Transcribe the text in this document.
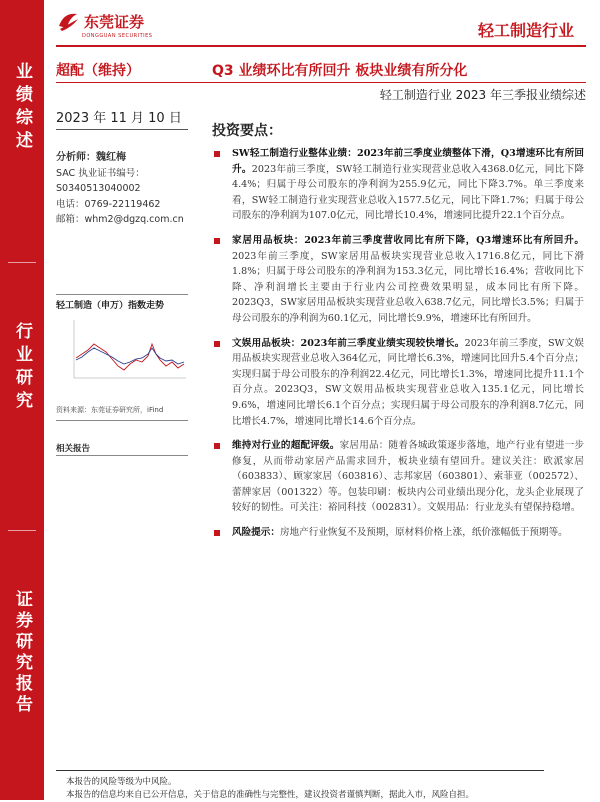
业绩综述
行业研究
证券研究报告
东莞证券
DONGGUAN SECURITIES	轻工制造行业
超配（维持）	Q3 业绩环比有所回升 板块业绩有所分化
轻工制造行业 2023 年三季报业绩综述
2023 年 11 月 10 日
分析师：魏红梅
SAC 执业证书编号：
S0340513040002
电话：0769-22119462
邮箱：whm2@dgzq.com.cn
轻工制造（申万）指数走势
资料来源：东莞证券研究所，iFind
相关报告
投资要点：
SW轻工制造行业整体业绩：2023年前三季度业绩整体下滑，Q3增速环比有所回升。2023年前三季度，SW轻工制造行业实现营业总收入4368.0亿元，同比下降4.4%；归属于母公司股东的净利润为255.9亿元，同比下降3.7%。单三季度来看，SW轻工制造行业实现营业总收入1577.5亿元，同比下降1.7%；归属于母公司股东的净利润为107.0亿元，同比增长10.4%，增速同比提升22.1个百分点。
家居用品板块：2023年前三季度营收同比有所下降，Q3增速环比有所回升。2023年前三季度，SW家居用品板块实现营业总收入1716.8亿元，同比下滑1.8%；归属于母公司股东的净利润为153.3亿元，同比增长16.4%；营收同比下降、净利润增长主要由于行业内公司控费效果明显，成本同比有所下降。2023Q3，SW家居用品板块实现营业总收入638.7亿元，同比增长3.5%；归属于母公司股东的净利润为60.1亿元，同比增长9.9%，增速环比有所回升。
文娱用品板块：2023年前三季度业绩实现较快增长。2023年前三季度，SW文娱用品板块实现营业总收入364亿元，同比增长6.3%，增速同比回升5.4个百分点；实现归属于母公司股东的净利润22.4亿元，同比增长1.3%，增速同比提升11.1个百分点。2023Q3，SW文娱用品板块实现营业总收入135.1亿元，同比增长9.6%，增速同比增长6.1个百分点；实现归属于母公司股东的净利润8.7亿元，同比增长4.7%，增速同比增长14.6个百分点。
维持对行业的超配评级。家居用品：随着各城政策逐步落地，地产行业有望进一步修复，从而带动家居产品需求回升，板块业绩有望回升。建议关注：欧派家居（603833）、顾家家居（603816）、志邦家居（603801）、索菲亚（002572）、蕾牌家居（001322）等。包装印刷：板块内公司业绩出现分化，龙头企业展现了较好的韧性。可关注：裕同科技（002831）。文娱用品：行业龙头有望保持稳增。
风险提示：房地产行业恢复不及预期，原材料价格上涨，纸价涨幅低于预期等。
本报告的风险等级为中风险。
本报告的信息均来自已公开信息，关于信息的准确性与完整性，建议投资者谨慎判断，据此入市，风险自担。
